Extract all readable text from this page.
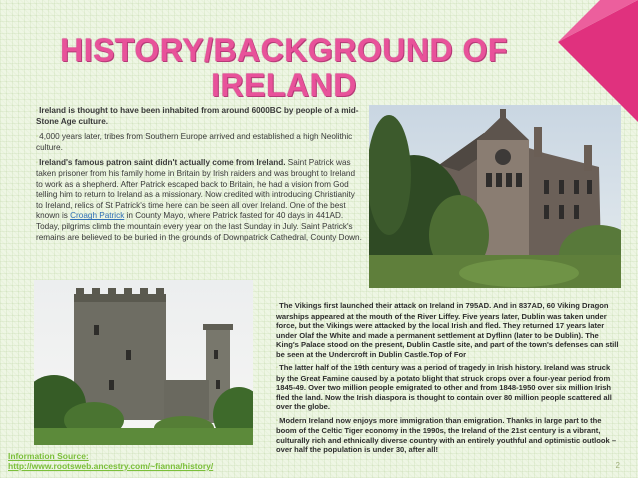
HISTORY/BACKGROUND OF IRELAND

◦Ireland is thought to have been inhabited from around 6000BC by people of a mid-Stone Age culture.

◦4,000 years later, tribes from Southern Europe arrived and established a high Neolithic culture.

◦Ireland's famous patron saint didn't actually come from Ireland. Saint Patrick was taken prisoner from his family home in Britain by Irish raiders and was brought to Ireland to work as a shepherd. After Patrick escaped back to Britain, he had a vision from God telling him to return to Ireland as a missionary. Now credited with introducing Christianity to Ireland, relics of St Patrick's time here can be seen all over Ireland. One of the best known is Croagh Patrick in County Mayo, where Patrick fasted for 40 days in 441AD. Today, pilgrims climb the mountain every year on the last Sunday in July. Saint Patrick's remains are believed to be buried in the grounds of Downpatrick Cathedral, County Down.

◦The Vikings first launched their attack on Ireland in 795AD. And in 837AD, 60 Viking Dragon warships appeared at the mouth of the River Liffey. Five years later, Dublin was taken under force, but the Vikings were attacked by the local Irish and fled. They returned 17 years later under Olaf the White and made a permanent settlement at Dyflinn (later to be Dublin). The King's Palace stood on the present, Dublin Castle site, and part of the town's defenses can still be seen at the Undercroft in Dublin Castle.Top of For

◦The latter half of the 19th century was a period of tragedy in Irish history. Ireland was struck by the Great Famine caused by a potato blight that struck crops over a four-year period from 1845-49. Over two million people emigrated to other and from 1848-1950 over six million Irish fled the land. Now the Irish diaspora is thought to contain over 80 million people scattered all over the globe.

◦Modern Ireland now enjoys more immigration than emigration. Thanks in large part to the boom of the Celtic Tiger economy in the 1990s, the Ireland of the 21st century is a vibrant, culturally rich and ethnically diverse country with an entirely youthful and optimistic outlook – over half the population is under 30, after all!

Information Source:
http://www.rootsweb.ancestry.com/~fianna/history/	2
